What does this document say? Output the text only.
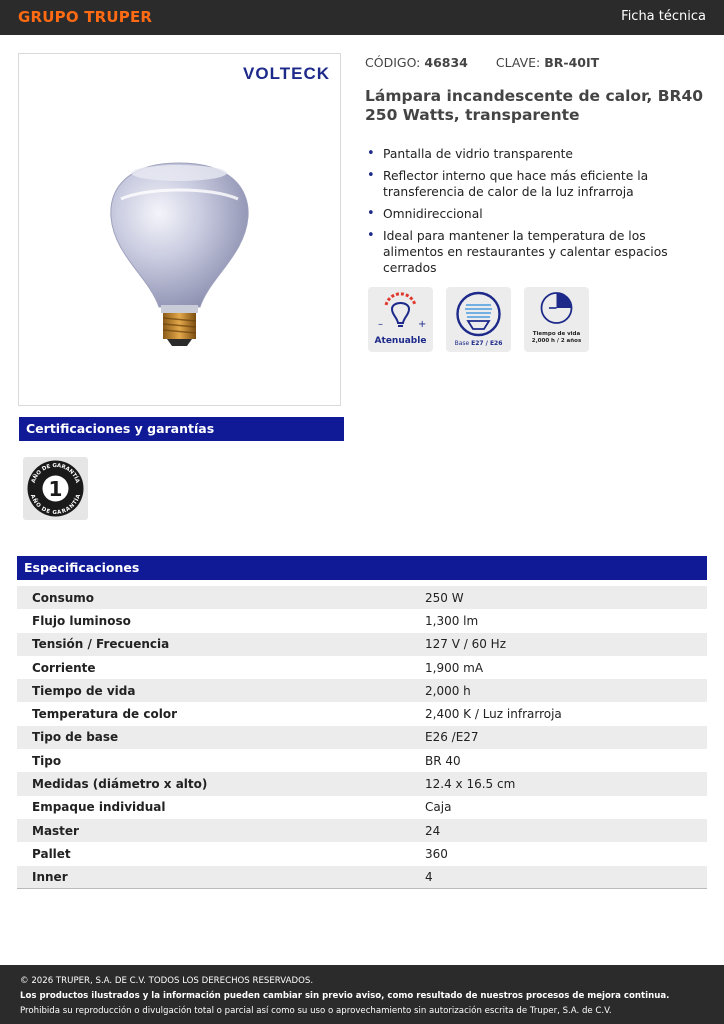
GRUPO TRUPER	Ficha técnica
VOLTECK
CÓDIGO: 46834 CLAVE: BR-40IT
Lámpara incandescente de calor, BR40 250 Watts, transparente
• Pantalla de vidrio transparente
• Reflector interno que hace más eficiente la transferencia de calor de la luz infrarroja
• Omnidireccional
• Ideal para mantener la temperatura de los alimentos en restaurantes y calentar espacios cerrados
–	+
Atenuable	Base E27 / E26
Tiempo de vida
2,000 h / 2 años
Certificaciones y garantías
1
AÑO DE GARANTÍA
AÑO DE GARANTÍA
Especificaciones
Consumo	250 W
Flujo luminoso	1,300 lm
Tensión / Frecuencia	127 V / 60 Hz
Corriente	1,900 mA
Tiempo de vida	2,000 h
Temperatura de color	2,400 K / Luz infrarroja
Tipo de base	E26 /E27
Tipo	BR 40
Medidas (diámetro x alto)	12.4 x 16.5 cm
Empaque individual	Caja
Master	24
Pallet	360
Inner	4

© 2026 TRUPER, S.A. DE C.V. TODOS LOS DERECHOS RESERVADOS.

Los productos ilustrados y la información pueden cambiar sin previo aviso, como resultado de nuestros procesos de mejora continua.

Prohibida su reproducción o divulgación total o parcial así como su uso o aprovechamiento sin autorización escrita de Truper, S.A. de C.V.
